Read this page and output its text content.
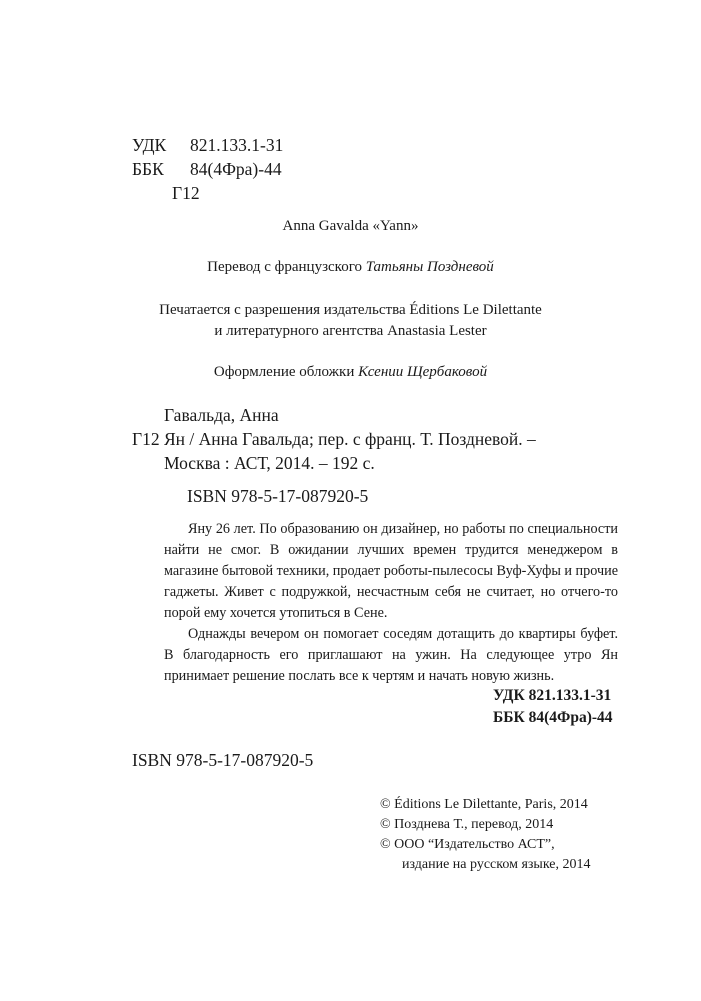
УДК 821.133.1-31
ББК 84(4Фра)-44
Г12
Anna Gavalda «Yann»
Перевод с французского Татьяны Поздневой
Печатается с разрешения издательства Éditions Le Dilettante
и литературного агентства Anastasia Lester
Оформление обложки Ксении Щербаковой
Гавальда, Анна
Г12 Ян / Анна Гавальда; пер. с франц. Т. Поздневой. –
Москва : АСТ, 2014. – 192 с.
ISBN 978-5-17-087920-5

Яну 26 лет. По образованию он дизайнер, но работы по специальности найти не смог. В ожидании лучших времен трудится менеджером в магазине бытовой техники, продает роботы-пылесосы Вуф-Хуфы и прочие гаджеты. Живет с подружкой, несчастным себя не считает, но отчего-то порой ему хочется утопиться в Сене.

Однажды вечером он помогает соседям дотащить до квартиры буфет. В благодарность его приглашают на ужин. На следующее утро Ян принимает решение послать все к чертям и начать новую жизнь.

УДК 821.133.1-31
ББК 84(4Фра)-44
ISBN 978-5-17-087920-5
© Éditions Le Dilettante, Paris, 2014
© Позднева Т., перевод, 2014
© ООО “Издательство АСТ”,
издание на русском языке, 2014
